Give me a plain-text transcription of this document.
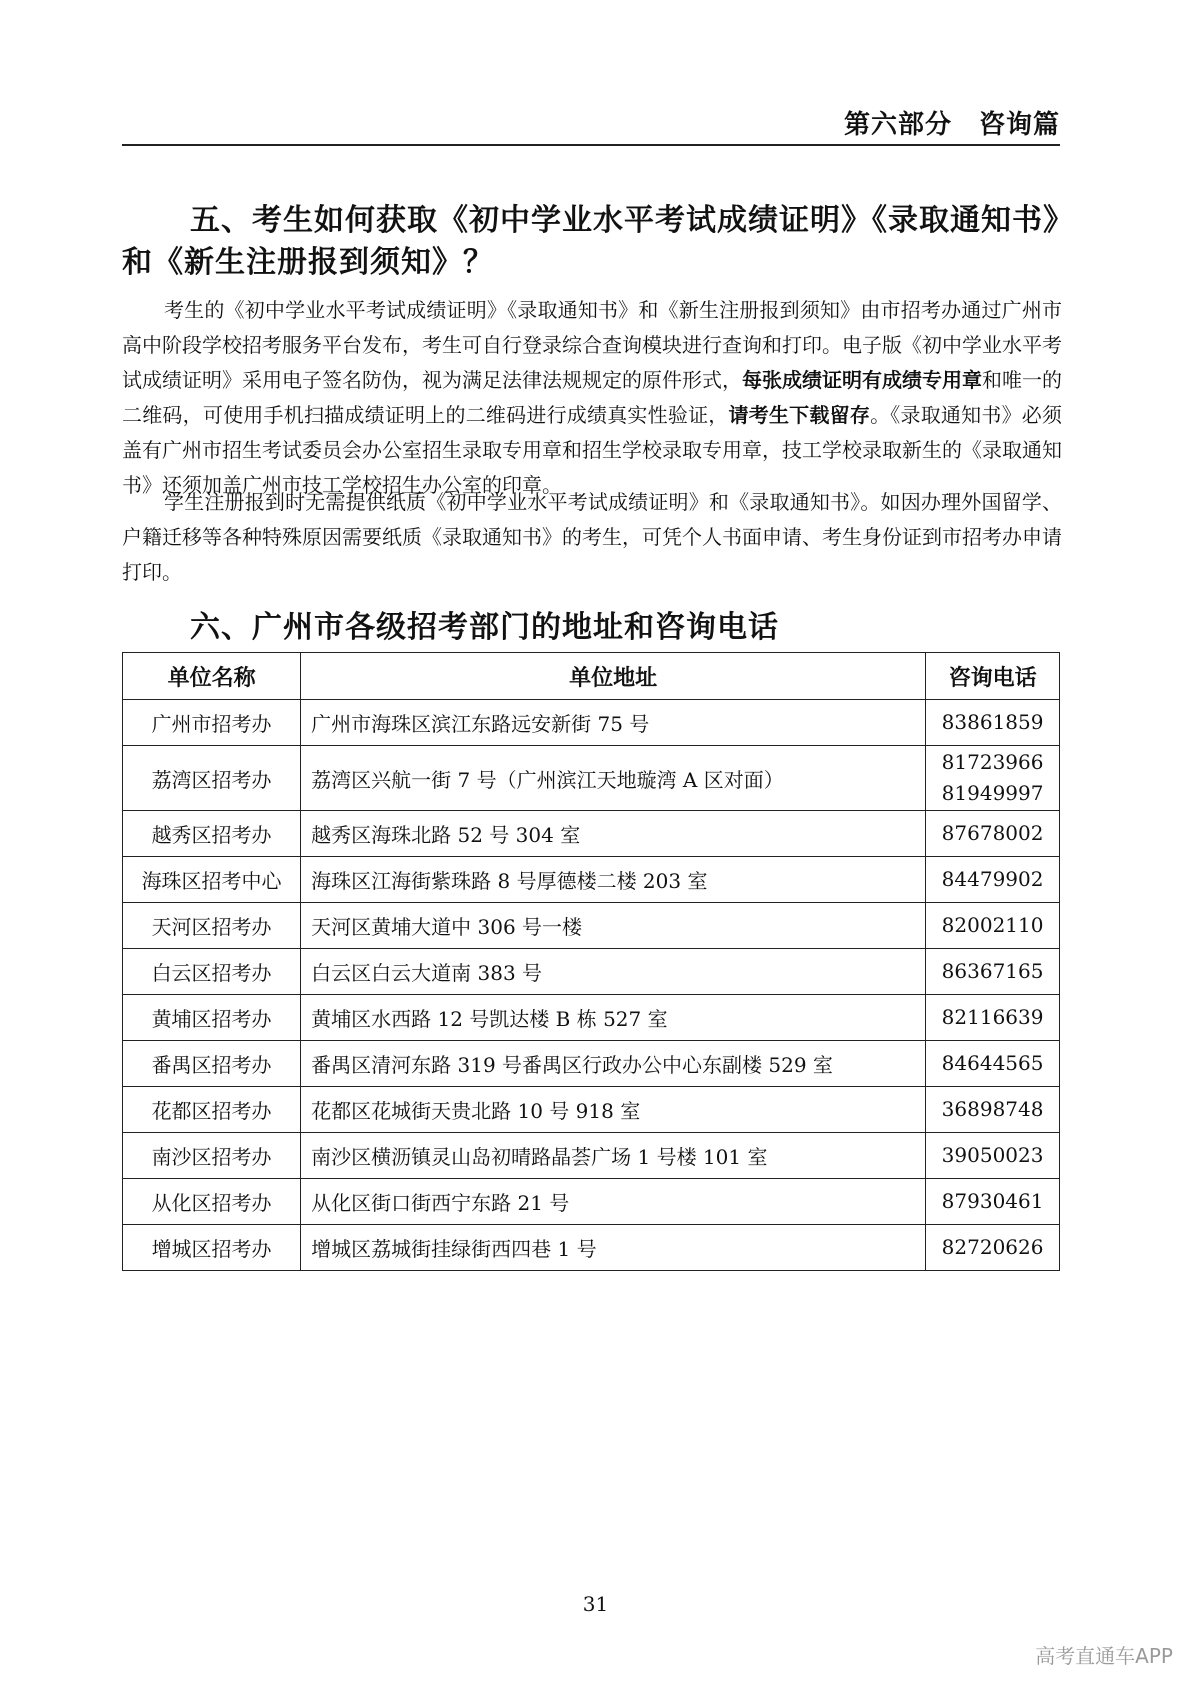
第六部分　咨询篇
五、考生如何获取《初中学业水平考试成绩证明》《录取通知书》和《新生注册报到须知》？

考生的《初中学业水平考试成绩证明》《录取通知书》和《新生注册报到须知》由市招考办通过广州市高中阶段学校招考服务平台发布，考生可自行登录综合查询模块进行查询和打印。电子版《初中学业水平考试成绩证明》采用电子签名防伪，视为满足法律法规规定的原件形式，每张成绩证明有成绩专用章和唯一的二维码，可使用手机扫描成绩证明上的二维码进行成绩真实性验证，请考生下载留存。《录取通知书》必须盖有广州市招生考试委员会办公室招生录取专用章和招生学校录取专用章，技工学校录取新生的《录取通知书》还须加盖广州市技工学校招生办公室的印章。

学生注册报到时无需提供纸质《初中学业水平考试成绩证明》和《录取通知书》。如因办理外国留学、户籍迁移等各种特殊原因需要纸质《录取通知书》的考生，可凭个人书面申请、考生身份证到市招考办申请打印。

六、广州市各级招考部门的地址和咨询电话
单位名称	单位地址	咨询电话
广州市招考办	广州市海珠区滨江东路远安新街 75 号	83861859
荔湾区招考办	荔湾区兴航一街 7 号（广州滨江天地璇湾 A 区对面）	81723966
81949997

越秀区招考办	越秀区海珠北路 52 号 304 室	87678002
海珠区招考中心	海珠区江海街紫珠路 8 号厚德楼二楼 203 室	84479902
天河区招考办	天河区黄埔大道中 306 号一楼	82002110
白云区招考办	白云区白云大道南 383 号	86367165
黄埔区招考办	黄埔区水西路 12 号凯达楼 B 栋 527 室	82116639
番禺区招考办	番禺区清河东路 319 号番禺区行政办公中心东副楼 529 室	84644565
花都区招考办	花都区花城街天贵北路 10 号 918 室	36898748
南沙区招考办	南沙区横沥镇灵山岛初晴路晶荟广场 1 号楼 101 室	39050023
从化区招考办	从化区街口街西宁东路 21 号	87930461
增城区招考办	增城区荔城街挂绿街西四巷 1 号	82720626
31
高考直通车APP
